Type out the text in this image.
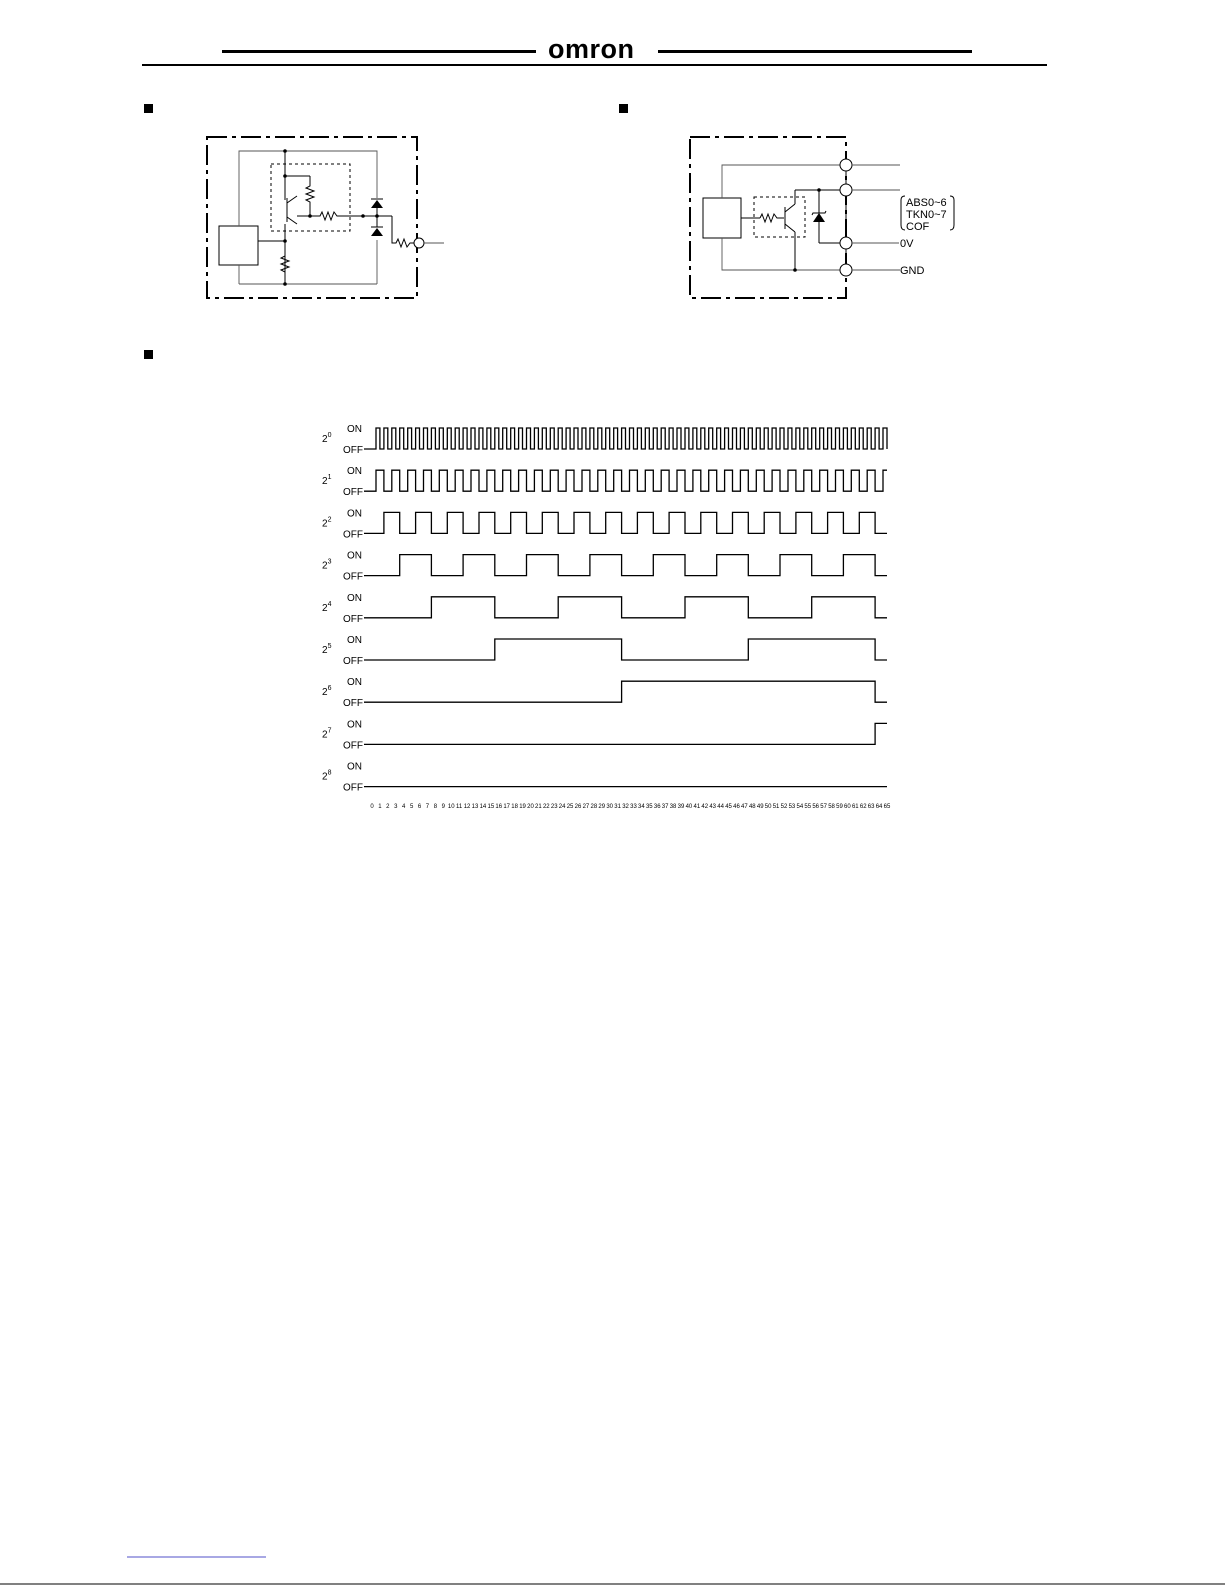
omron
ABS0~6
TKN0~7
COF
0V
GND
$2^0$
ON
OFF
$2^1$
ON
OFF
$2^2$
ON
OFF
$2^3$
ON
OFF
$2^4$
ON
OFF
$2^5$
ON
OFF
$2^6$
ON
OFF
$2^7$
ON
OFF
$2^8$
ON
OFF
0 1 2 3 4 5 6 7 8 9 10 11 12 13 14 15 16 17 18 19 20 21 22 23 24 25 26 27 28 29 30 31 32 33 34 35 36 37 38 39 40 41 42 43 44 45 46 47 48 49 50 51 52 53 54 55 56 57 58 59 60 61 62 63 64 65
